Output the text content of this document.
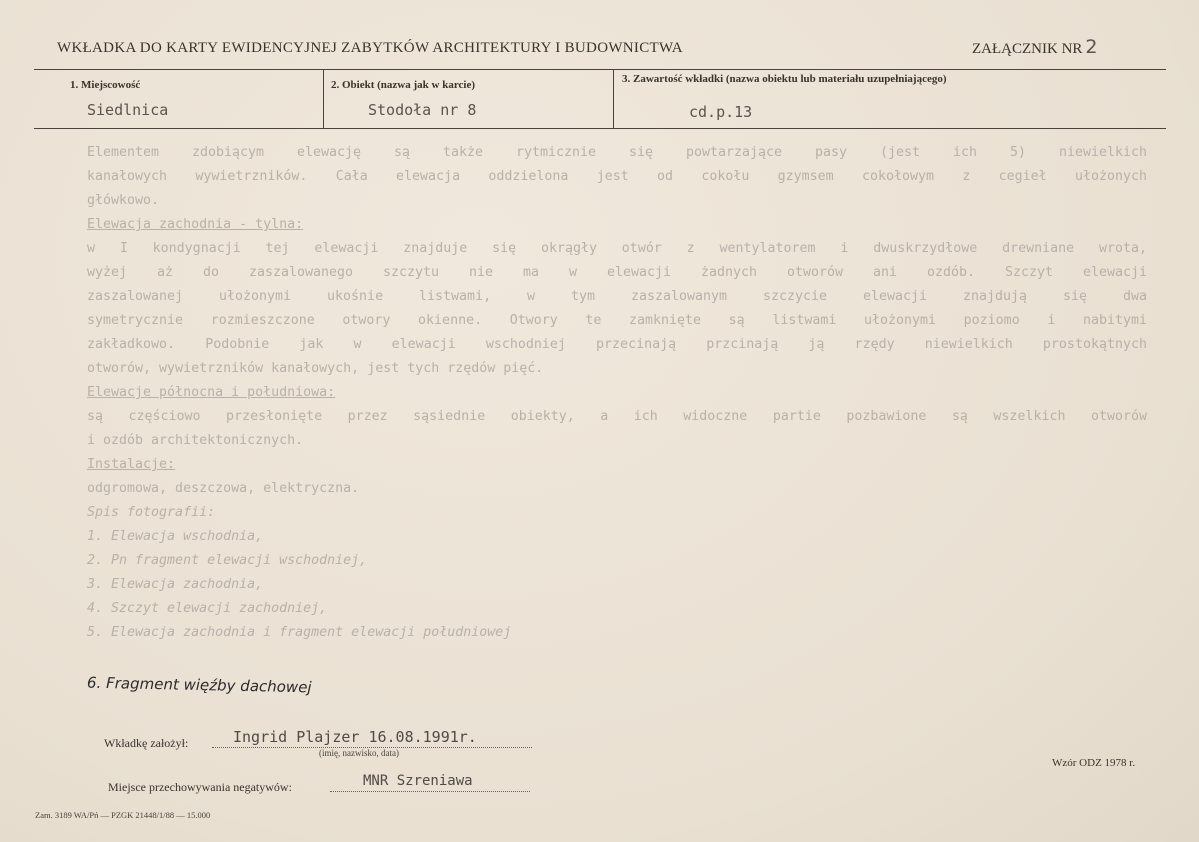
WKŁADKA DO KARTY EWIDENCYJNEJ ZABYTKÓW ARCHITEKTURY I BUDOWNICTWA	ZAŁĄCZNIK NR 2
1. Miejscowość
Siedlnica
2. Obiekt (nazwa jak w karcie)
Stodoła nr 8
3. Zawartość wkładki (nazwa obiektu lub materiału uzupełniającego)
cd.p.13
Elementem zdobiącym elewację są także rytmicznie się powtarzające pasy (jest ich 5) niewielkich
kanałowych wywietrzników. Cała elewacja oddzielona jest od cokołu gzymsem cokołowym z cegieł ułożonych
główkowo.
Elewacja zachodnia - tylna:
w I kondygnacji tej elewacji znajduje się okrągły otwór z wentylatorem i dwuskrzydłowe drewniane wrota,
wyżej aż do zaszalowanego szczytu nie ma w elewacji żadnych otworów ani ozdób. Szczyt elewacji
zaszalowanej ułożonymi ukośnie listwami, w tym zaszalowanym szczycie elewacji znajdują się dwa
symetrycznie rozmieszczone otwory okienne. Otwory te zamknięte są listwami ułożonymi poziomo i nabitymi
zakładkowo. Podobnie jak w elewacji wschodniej przecinają przcinają ją rzędy niewielkich prostokątnych
otworów, wywietrzników kanałowych, jest tych rzędów pięć.
Elewacje północna i południowa:
są częściowo przesłonięte przez sąsiednie obiekty, a ich widoczne partie pozbawione są wszelkich otworów
i ozdób architektonicznych.
Instalacje:
odgromowa, deszczowa, elektryczna.
Spis fotografii:
1. Elewacja wschodnia,
2. Pn fragment elewacji wschodniej,
3. Elewacja zachodnia,
4. Szczyt elewacji zachodniej,
5. Elewacja zachodnia i fragment elewacji południowej
6. Fragment więźby dachowej
Wkładkę założył:	Ingrid Plajzer 16.08.1991r.
(imię, nazwisko, data)
Wzór ODZ 1978 r.
Miejsce przechowywania negatywów:	MNR Szreniawa
Zam. 3189 WA/Pń — PZGK 21448/1/88 — 15.000
